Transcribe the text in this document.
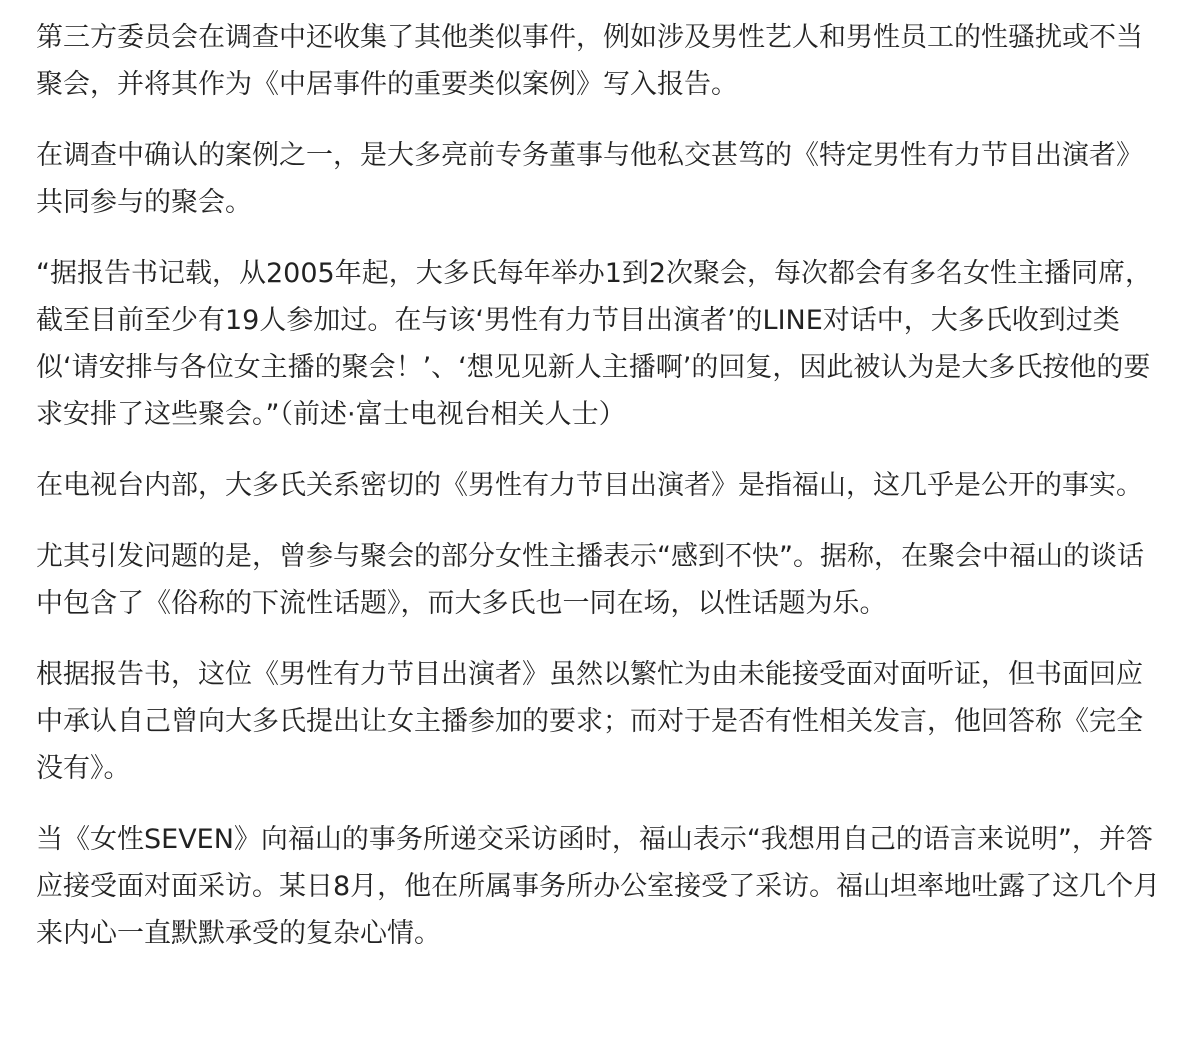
第三方委员会在调查中还收集了其他类似事件，例如涉及男性艺人和男性员工的性骚扰或不当聚会，并将其作为《中居事件的重要类似案例》写入报告。

在调查中确认的案例之一，是大多亮前专务董事与他私交甚笃的《特定男性有力节目出演者》共同参与的聚会。

“据报告书记载，从2005年起，大多氏每年举办1到2次聚会，每次都会有多名女性主播同席，截至目前至少有19人参加过。在与该‘男性有力节目出演者’的LINE对话中，大多氏收到过类似‘请安排与各位女主播的聚会！’、‘想见见新人主播啊’的回复，因此被认为是大多氏按他的要求安排了这些聚会。”（前述·富士电视台相关人士）

在电视台内部，大多氏关系密切的《男性有力节目出演者》是指福山，这几乎是公开的事实。

尤其引发问题的是，曾参与聚会的部分女性主播表示“感到不快”。据称，在聚会中福山的谈话中包含了《俗称的下流性话题》，而大多氏也一同在场，以性话题为乐。

根据报告书，这位《男性有力节目出演者》虽然以繁忙为由未能接受面对面听证，但书面回应中承认自己曾向大多氏提出让女主播参加的要求；而对于是否有性相关发言，他回答称《完全没有》。

当《女性SEVEN》向福山的事务所递交采访函时，福山表示“我想用自己的语言来说明”，并答应接受面对面采访。某日8月，他在所属事务所办公室接受了采访。福山坦率地吐露了这几个月来内心一直默默承受的复杂心情。
